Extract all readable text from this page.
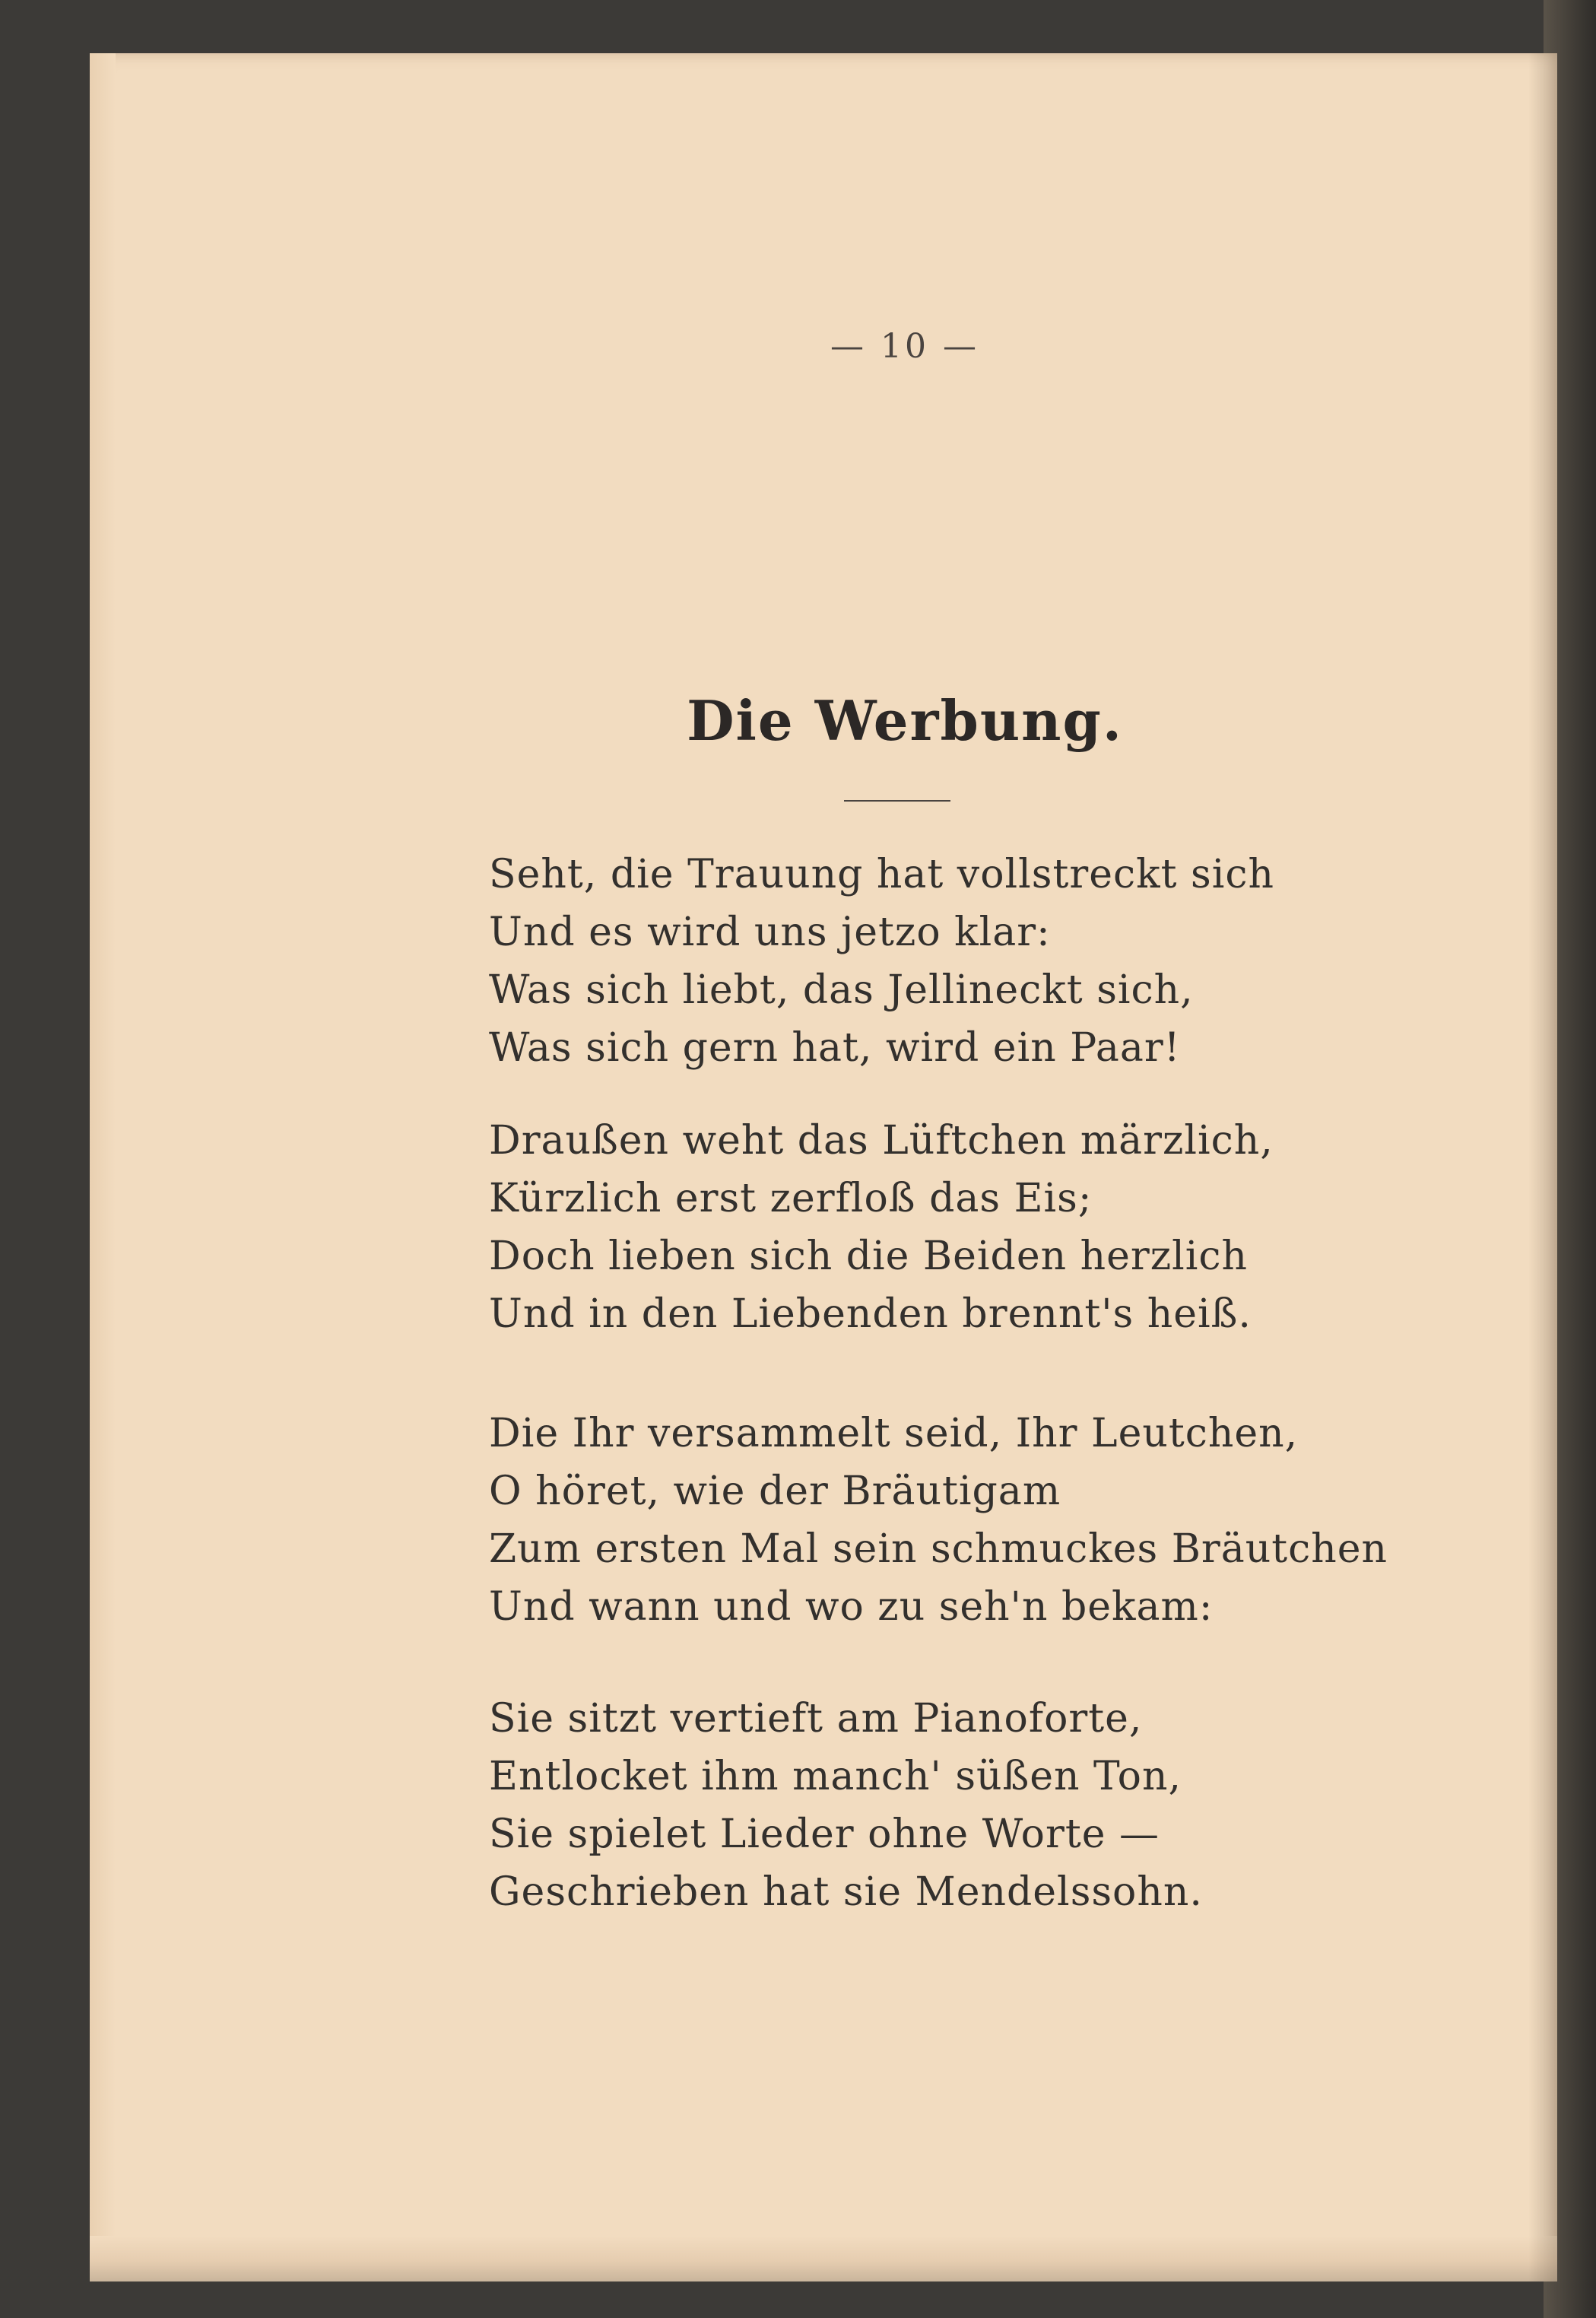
— 10 —
Die Werbung.
Seht, die Trauung hat vollstreckt sich
Und es wird uns jetzo klar:
Was sich liebt, das Jellineckt sich,
Was sich gern hat, wird ein Paar!
Draußen weht das Lüftchen märzlich,
Kürzlich erst zerfloß das Eis;
Doch lieben sich die Beiden herzlich
Und in den Liebenden brennt's heiß.
Die Ihr versammelt seid, Ihr Leutchen,
O höret, wie der Bräutigam
Zum ersten Mal sein schmuckes Bräutchen
Und wann und wo zu seh'n bekam:
Sie sitzt vertieft am Pianoforte,
Entlocket ihm manch' süßen Ton,
Sie spielet Lieder ohne Worte —
Geschrieben hat sie Mendelssohn.
